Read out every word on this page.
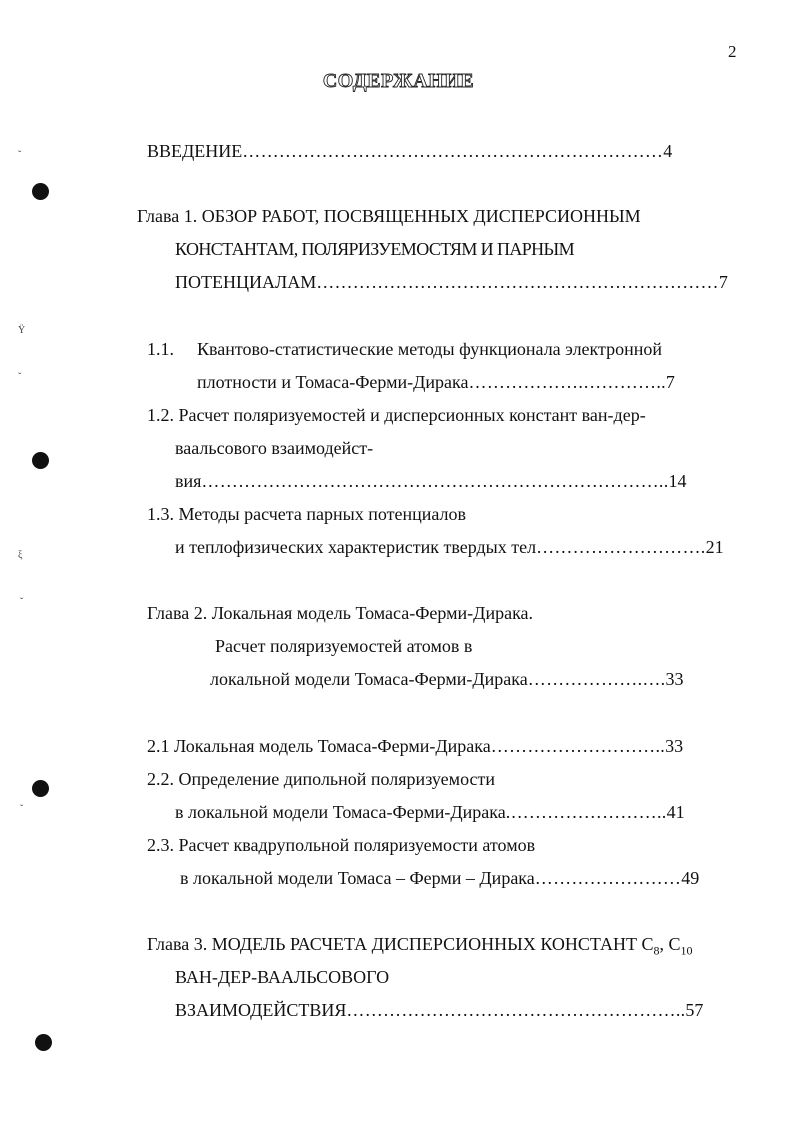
2
СОДЕРЖАНИЕ
ˇ
Ϋ
ˇ
ξ
ˇ
ˇ
ВВЕДЕНИЕ……………………………………………………………4
Глава 1. ОБЗОР РАБОТ, ПОСВЯЩЕННЫХ ДИСПЕРСИОННЫМ
КОНСТАНТАМ, ПОЛЯРИЗУЕМОСТЯМ И ПАРНЫМ
ПОТЕНЦИАЛАМ…………………………………………………………7
1.1. Квантово-статистические методы функционала электронной
плотности и Томаса-Ферми-Дирака……………….…………..7
1.2. Расчет поляризуемостей и дисперсионных констант ван-дер-
ваальсового взаимодейст-
вия…………………………………………………………………..14
1.3. Методы расчета парных потенциалов
и теплофизических характеристик твердых тел……………………….21
Глава 2. Локальная модель Томаса-Ферми-Дирака.
Расчет поляризуемостей атомов в
локальной модели Томаса-Ферми-Дирака……………….….33
2.1 Локальная модель Томаса-Ферми-Дирака………………………..33
2.2. Определение дипольной поляризуемости
в локальной модели Томаса-Ферми-Дирака.……………………..41
2.3. Расчет квадрупольной поляризуемости атомов
в локальной модели Томаса – Ферми – Дирака……………………49
Глава 3. МОДЕЛЬ РАСЧЕТА ДИСПЕРСИОННЫХ КОНСТАНТ $С_8$, $С_{10}$
ВАН-ДЕР-ВААЛЬСОВОГО
ВЗАИМОДЕЙСТВИЯ………………………………………………..57
